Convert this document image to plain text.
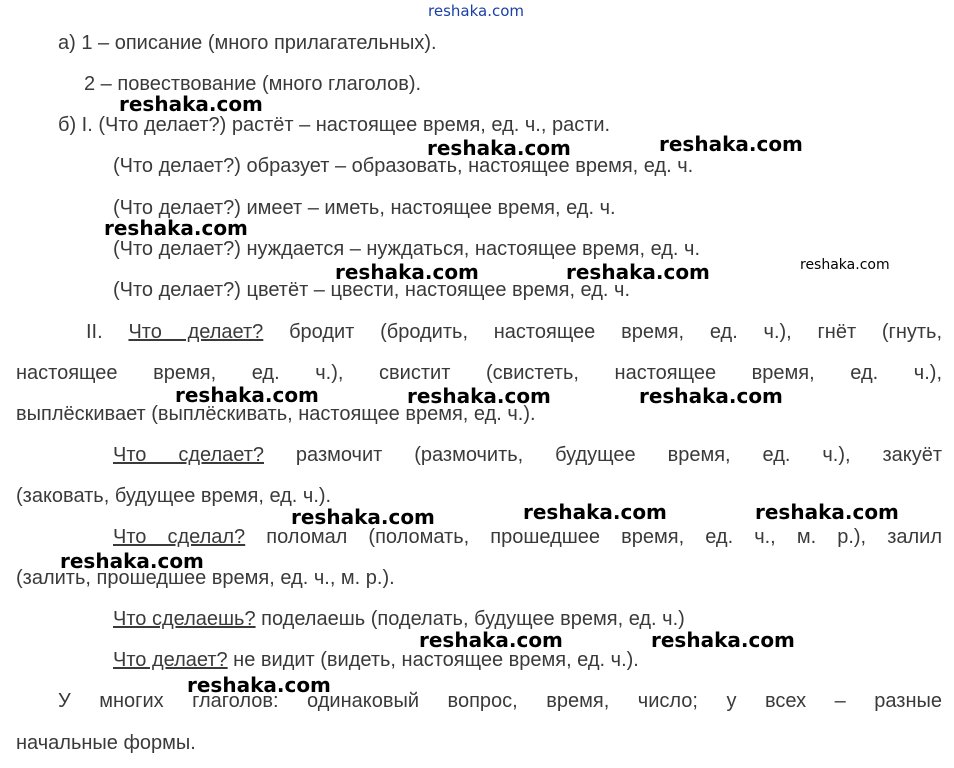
reshaka.com
а) 1 – описание (много прилагательных).
2 – повествование (много глаголов).
б) I. (Что делает?) растёт – настоящее время, ед. ч., расти.
(Что делает?) образует – образовать, настоящее время, ед. ч.
(Что делает?) имеет – иметь, настоящее время, ед. ч.
(Что делает?) нуждается – нуждаться, настоящее время, ед. ч.
(Что делает?) цветёт – цвести, настоящее время, ед. ч.
II. Что делает? бродит (бродить, настоящее время, ед. ч.), гнёт (гнуть,
настоящее время, ед. ч.), свистит (свистеть, настоящее время, ед. ч.),
выплёскивает (выплёскивать, настоящее время, ед. ч.).
Что сделает? размочит (размочить, будущее время, ед. ч.), закуёт
(заковать, будущее время, ед. ч.).
Что сделал? поломал (поломать, прошедшее время, ед. ч., м. р.), залил
(залить, прошедшее время, ед. ч., м. р.).
Что сделаешь? поделаешь (поделать, будущее время, ед. ч.)
Что делает? не видит (видеть, настоящее время, ед. ч.).
У многих глаголов: одинаковый вопрос, время, число; у всех – разные
начальные формы.
reshaka.com
reshaka.com	reshaka.com
reshaka.com
reshaka.com
reshaka.com	reshaka.com
reshaka.com	reshaka.com	reshaka.com
reshaka.com	reshaka.com	reshaka.com
reshaka.com
reshaka.com	reshaka.com
reshaka.com
